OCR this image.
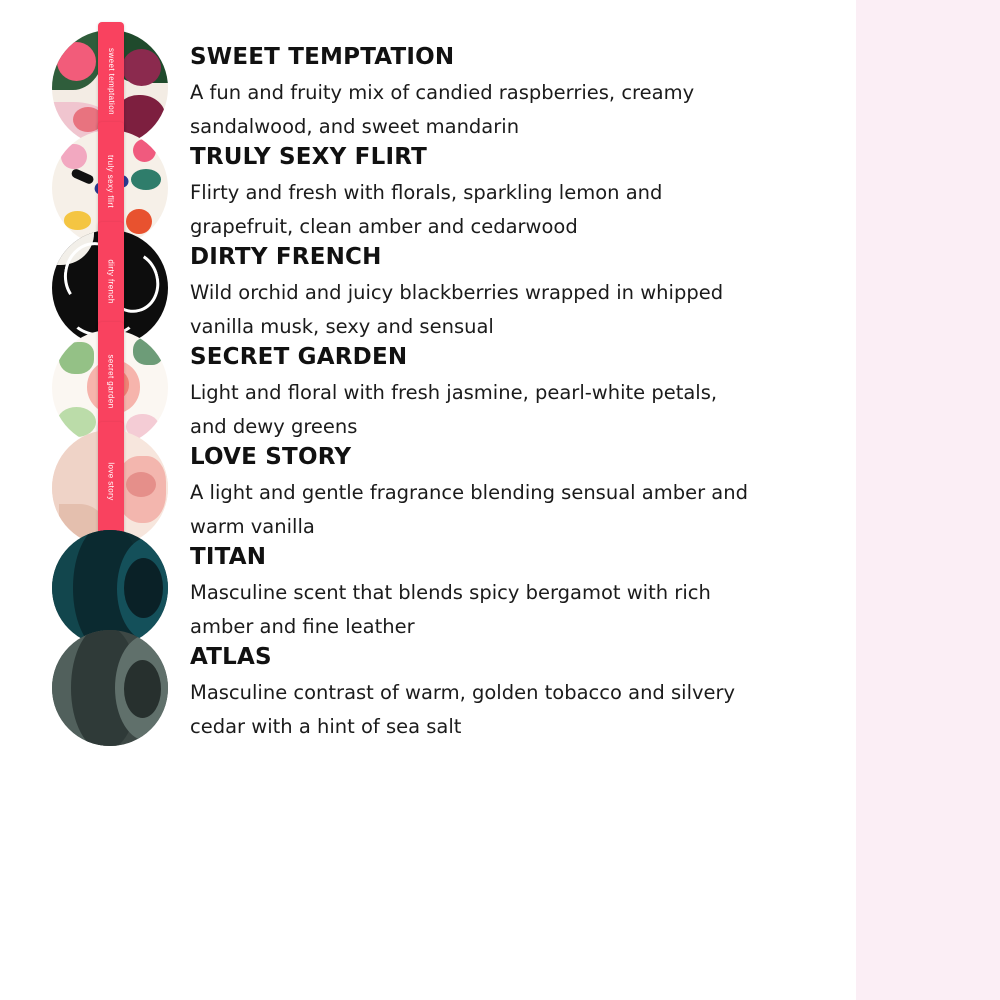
sweet temptation	SWEET TEMPTATION

A fun and fruity mix of candied raspberries, creamy sandalwood, and sweet mandarin

truly sexy flirt	TRULY SEXY FLIRT

Flirty and fresh with florals, sparkling lemon and grapefruit, clean amber and cedarwood

dirty french
DIRTY FRENCH

Wild orchid and juicy blackberries wrapped in whipped vanilla musk, sexy and sensual

secret garden	SECRET GARDEN

Light and floral with fresh jasmine, pearl-white petals, and dewy greens

love story
LOVE STORY

A light and gentle fragrance blending sensual amber and warm vanilla

TITAN

Masculine scent that blends spicy bergamot with rich amber and fine leather

ATLAS

Masculine contrast of warm, golden tobacco and silvery cedar with a hint of sea salt
